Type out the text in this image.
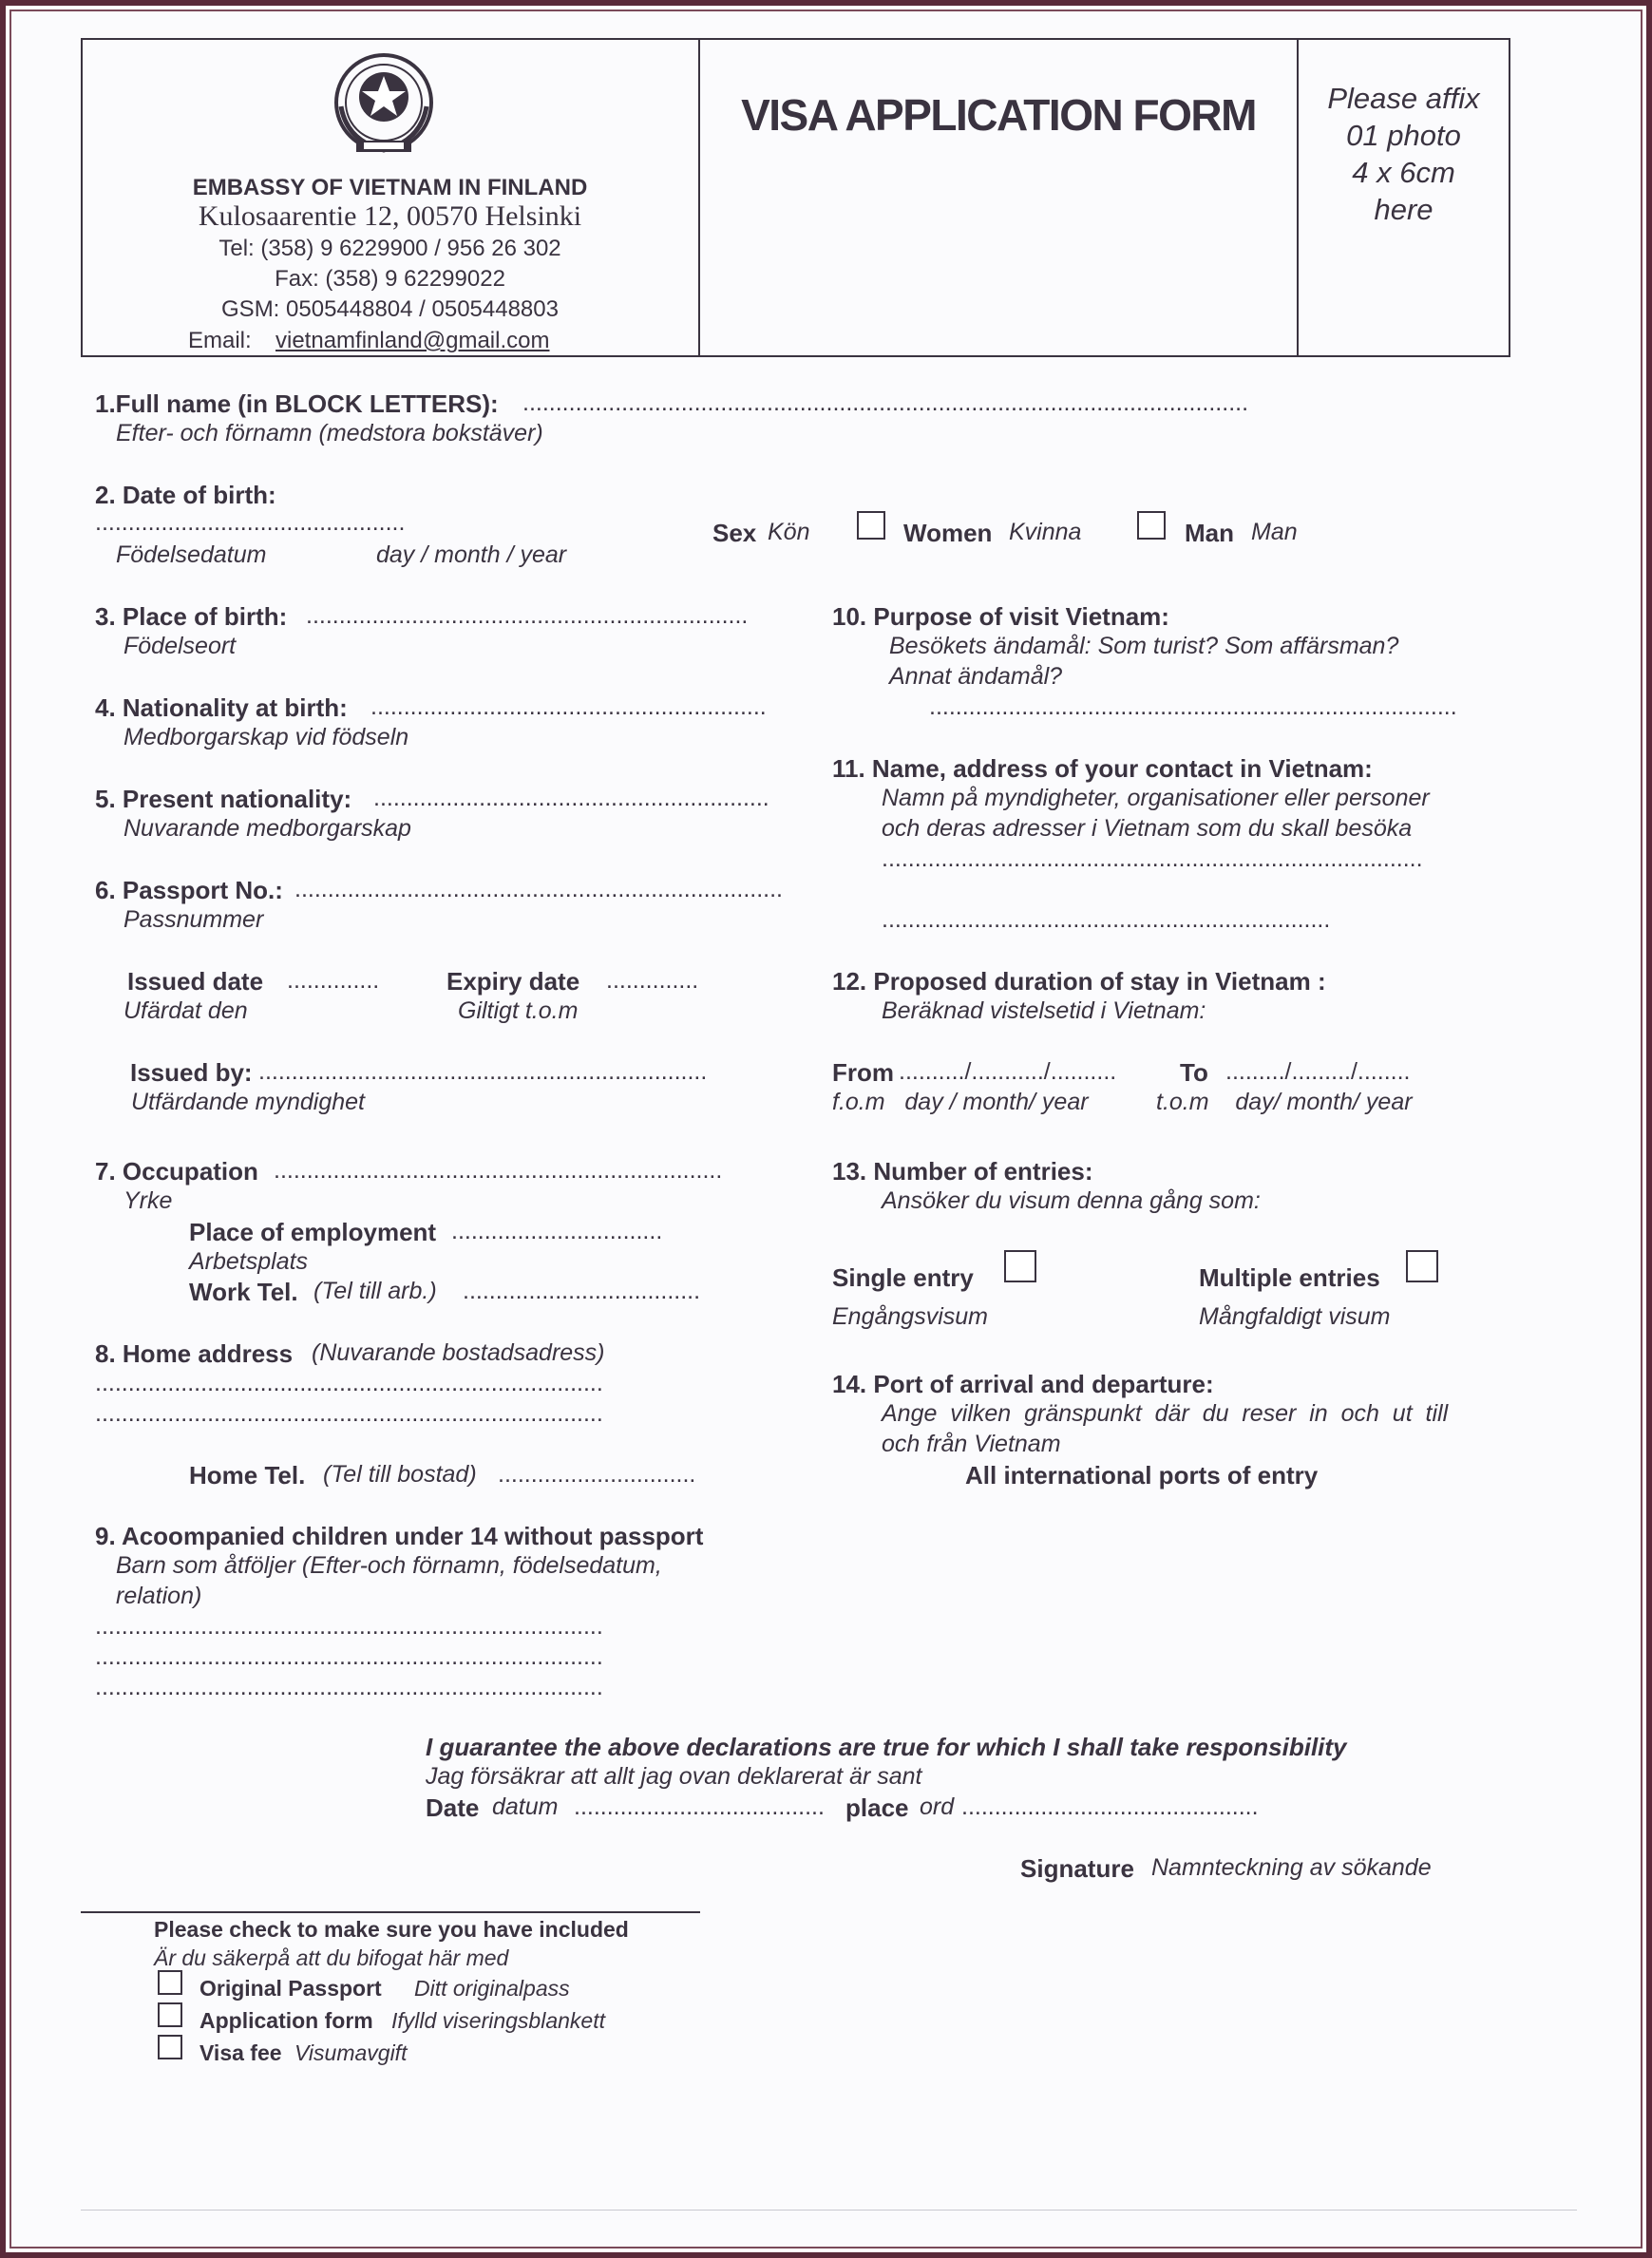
EMBASSY OF VIETNAM IN FINLAND
Kulosaarentie 12, 00570 Helsinki
Tel: (358) 9 6229900 / 956 26 302
Fax: (358) 9 62299022
GSM: 0505448804 / 0505448803
Email: vietnamfinland@gmail.com
VISA APPLICATION FORM	Please affix
01 photo
4 x 6cm
here
1.Full name (in BLOCK LETTERS): ..............................................................................................................
Efter- och förnamn (medstora bokstäver)
2. Date of birth:
...............................................
Födelsedatum	day / month / year
Sex Kön	Women Kvinna	Man Man
3. Place of birth: ...................................................................
Födelseort
4. Nationality at birth: ............................................................
Medborgarskap vid födseln
5. Present nationality: ............................................................
Nuvarande medborgarskap
6. Passport No.: ..........................................................................
Passnummer
Issued date ..............
Ufärdat den
Expiry date ..............
Giltigt t.o.m
Issued by: ....................................................................
Utfärdande myndighet
7. Occupation ....................................................................
Yrke
Place of employment ................................
Arbetsplats
Work Tel. (Tel till arb.) ....................................
8. Home address (Nuvarande bostadsadress)
.............................................................................
.............................................................................
Home Tel. (Tel till bostad) ..............................
9. Acoompanied children under 14 without passport
Barn som åtföljer (Efter-och förnamn, födelsedatum,
relation)
.............................................................................
.............................................................................
.............................................................................
10. Purpose of visit Vietnam:
Besökets ändamål: Som turist? Som affärsman?
Annat ändamål?
................................................................................
11. Name, address of your contact in Vietnam:
Namn på myndigheter, organisationer eller personer
och deras adresser i Vietnam som du skall besöka
..................................................................................
....................................................................
12. Proposed duration of stay in Vietnam :
Beräknad vistelsetid i Vietnam:
From ........../.........../..........	To ........./........./........
f.o.m   day / month/ year	t.o.m    day/ month/ year
13. Number of entries:
Ansöker du visum denna gång som:
Single entry
Engångsvisum
Multiple entries
Mångfaldigt visum
14. Port of arrival and departure:
Ange  vilken  gränspunkt  där  du  reser  in  och  ut  till
och från Vietnam
All international ports of entry
I guarantee the above declarations are true for which I shall take responsibility
Jag försäkrar att allt jag ovan deklarerat är sant
Date datum ...................................... place ord .............................................
Signature Namnteckning av sökande
Please check to make sure you have included
Är du säkerpå att du bifogat här med
Original Passport Ditt originalpass
Application form Ifylld viseringsblankett
Visa fee Visumavgift
